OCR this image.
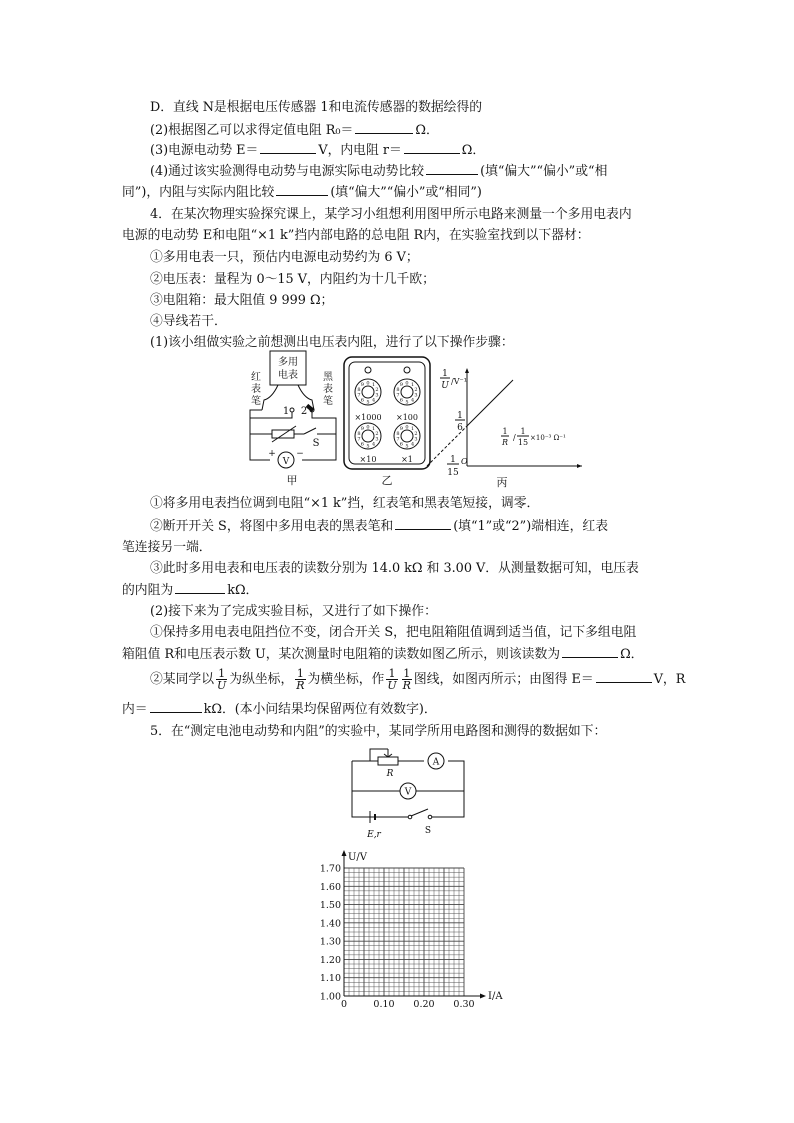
D．直线 N是根据电压传感器 1和电流传感器的数据绘得的
(2)根据图乙可以求得定值电阻 R₀＝	Ω．
(3)电源电动势 E＝	V，内电阻 r＝	Ω．
(4)通过该实验测得电动势与电源实际电动势比较	(填“偏大”“偏小”或“相
同”)，内阻与实际内阻比较	(填“偏大”“偏小”或“相同”)
4．在某次物理实验探究课上，某学习小组想利用图甲所示电路来测量一个多用电表内
电源的电动势 E和电阻“×1 k”挡内部电路的总电阻 R内，在实验室找到以下器材：
①多用电表一只，预估内电源电动势约为 6 V；
②电压表：量程为 0～15 V，内阻约为十几千欧；
③电阻箱：最大阻值 9 999 Ω；
④导线若干．
(1)该小组做实验之前想测出电压表内阻，进行了以下操作步骤：
多用
电表
红
表
笔
黑
表
笔
1 2
S
V
+ −
甲
×1000 ×100
×10	×1
0 1
2
3
4
5
6
7
8
9	0 1
2
3
4
5
6
7
8
9
0 1
2
3
4
5
6
7
8
9	0 1
2
3
4
5
6
7
8
9
乙
1
U /V⁻¹
1
6
1
15
O
1
R
/
1
15 ×10⁻³ Ω⁻¹
丙
①将多用电表挡位调到电阻“×1 k”挡，红表笔和黑表笔短接，调零．
②断开开关 S，将图中多用电表的黑表笔和	(填“1”或“2”)端相连，红表
笔连接另一端．
③此时多用电表和电压表的读数分别为 14.0 kΩ 和 3.00 V．从测量数据可知，电压表
的内阻为	kΩ．
(2)接下来为了完成实验目标，又进行了如下操作：
①保持多用电表电阻挡位不变，闭合开关 S，把电阻箱阻值调到适当值，记下多组电阻
箱阻值 R和电压表示数 U，某次测量时电阻箱的读数如图乙所示，则该读数为	Ω．
②某同学以 $\frac{1}{U}$ 为纵坐标， $\frac{1}{R}$ 为横坐标，作 $\frac{1}{U} \frac{1}{R}$ 图线，如图丙所示；由图得 E＝	V，R
内＝	kΩ．(本小问结果均保留两位有效数字)．
5．在“测定电池电动势和内阻”的实验中，某同学所用电路图和测得的数据如下：
R
A
V
E,r	S
0	0.10 0.20 0.30
1.00
1.10
1.20
1.30
1.40
1.50
1.60
1.70
I/A
U/V
